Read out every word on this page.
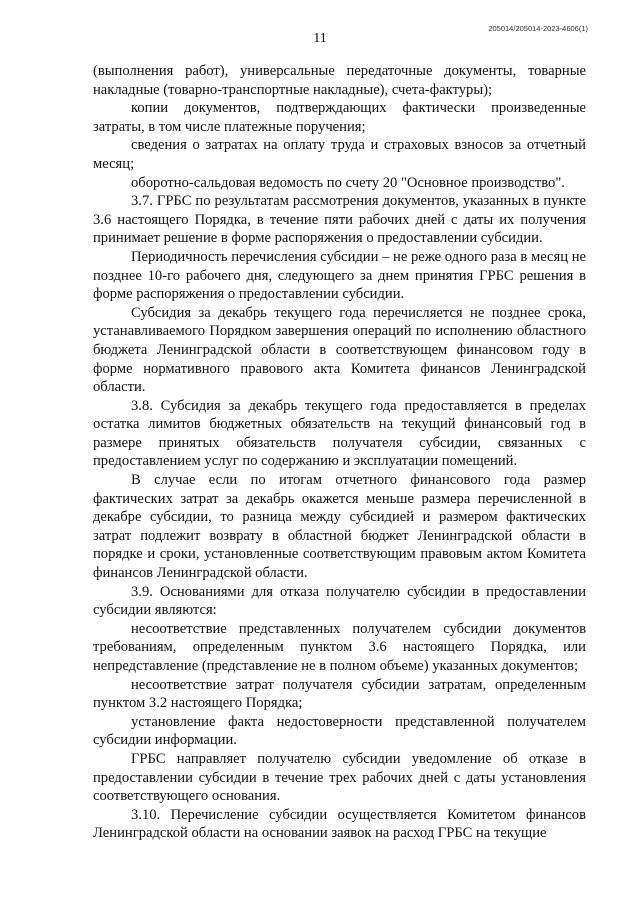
205014/205014-2023-4606(1)
11

(выполнения работ), универсальные передаточные документы, товарные накладные (товарно-транспортные накладные), счета-фактуры);

копии документов, подтверждающих фактически произведенные затраты, в том числе платежные поручения;

сведения о затратах на оплату труда и страховых взносов за отчетный месяц;

оборотно-сальдовая ведомость по счету 20 "Основное производство".

3.7. ГРБС по результатам рассмотрения документов, указанных в пункте 3.6 настоящего Порядка, в течение пяти рабочих дней с даты их получения принимает решение в форме распоряжения о предоставлении субсидии.

Периодичность перечисления субсидии – не реже одного раза в месяц не позднее 10-го рабочего дня, следующего за днем принятия ГРБС решения в форме распоряжения о предоставлении субсидии.

Субсидия за декабрь текущего года перечисляется не позднее срока, устанавливаемого Порядком завершения операций по исполнению областного бюджета Ленинградской области в соответствующем финансовом году в форме нормативного правового акта Комитета финансов Ленинградской области.

3.8. Субсидия за декабрь текущего года предоставляется в пределах остатка лимитов бюджетных обязательств на текущий финансовый год в размере принятых обязательств получателя субсидии, связанных с предоставлением услуг по содержанию и эксплуатации помещений.

В случае если по итогам отчетного финансового года размер фактических затрат за декабрь окажется меньше размера перечисленной в декабре субсидии, то разница между субсидией и размером фактических затрат подлежит возврату в областной бюджет Ленинградской области в порядке и сроки, установленные соответствующим правовым актом Комитета финансов Ленинградской области.

3.9. Основаниями для отказа получателю субсидии в предоставлении субсидии являются:

несоответствие представленных получателем субсидии документов требованиям, определенным пунктом 3.6 настоящего Порядка, или непредставление (представление не в полном объеме) указанных документов;

несоответствие затрат получателя субсидии затратам, определенным пунктом 3.2 настоящего Порядка;

установление факта недостоверности представленной получателем субсидии информации.

ГРБС направляет получателю субсидии уведомление об отказе в предоставлении субсидии в течение трех рабочих дней с даты установления соответствующего основания.

3.10. Перечисление субсидии осуществляется Комитетом финансов Ленинградской области на основании заявок на расход ГРБС на текущие
